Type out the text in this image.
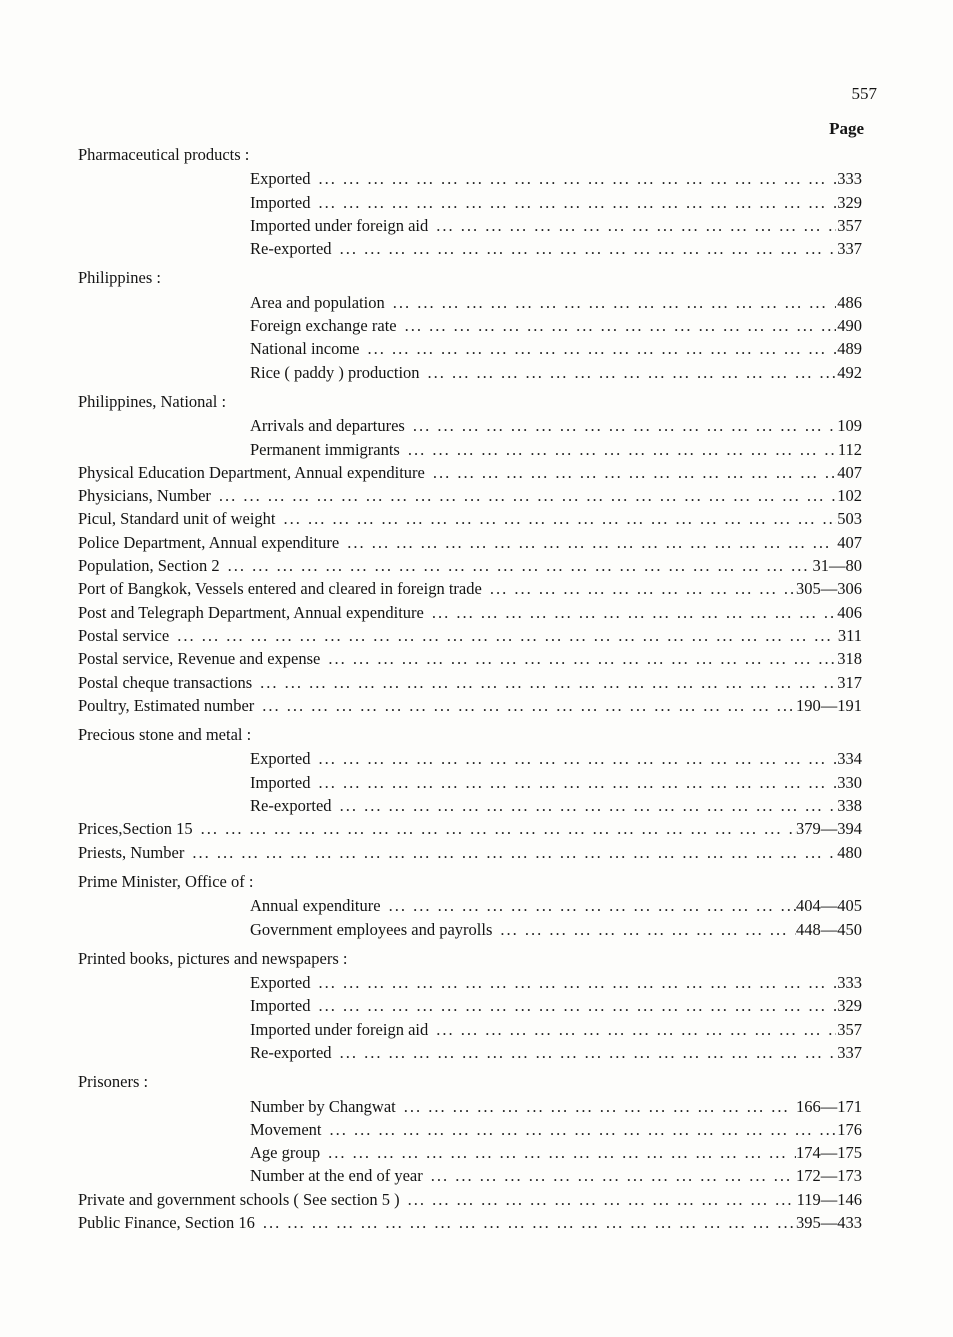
557
Page
Pharmaceutical products :
Exported ... .	333
Imported ... .	329
Imported under foreign aid ... .	357
Re-exported ... .	337
Philippines :
Area and population ... .	486
Foreign exchange rate ... .	490
National income ... .	489
Rice ( paddy ) production ... .	492
Philippines, National :
Arrivals and departures ... .	109
Permanent immigrants ... .	112
Physical Education Department, Annual expenditure ... .	407
Physicians, Number ... .	102
Picul, Standard unit of weight ... .	503
Police Department, Annual expenditure ... .	407
Population, Section 2 ... .	31—80
Port of Bangkok, Vessels entered and cleared in foreign trade ... .	305—306
Post and Telegraph Department, Annual expenditure ... .	406
Postal service ... .	311
Postal service, Revenue and expense ... .	318
Postal cheque transactions ... .	317
Poultry, Estimated number ... .	190—191
Precious stone and metal :
Exported ... .	334
Imported ... .	330
Re-exported ... .	338
Prices,Section 15 ... .	379—394
Priests, Number ... .	480
Prime Minister, Office of :
Annual expenditure ... .	404—405
Government employees and payrolls ... .	448—450
Printed books, pictures and newspapers :
Exported ... .	333
Imported ... .	329
Imported under foreign aid ... .	357
Re-exported ... .	337
Prisoners :
Number by Changwat ... .	166—171
Movement ... .	176
Age group ... .	174—175
Number at the end of year ... .	172—173
Private and government schools ( See section 5 ) ... .	119—146
Public Finance, Section 16 ... .	395—433
